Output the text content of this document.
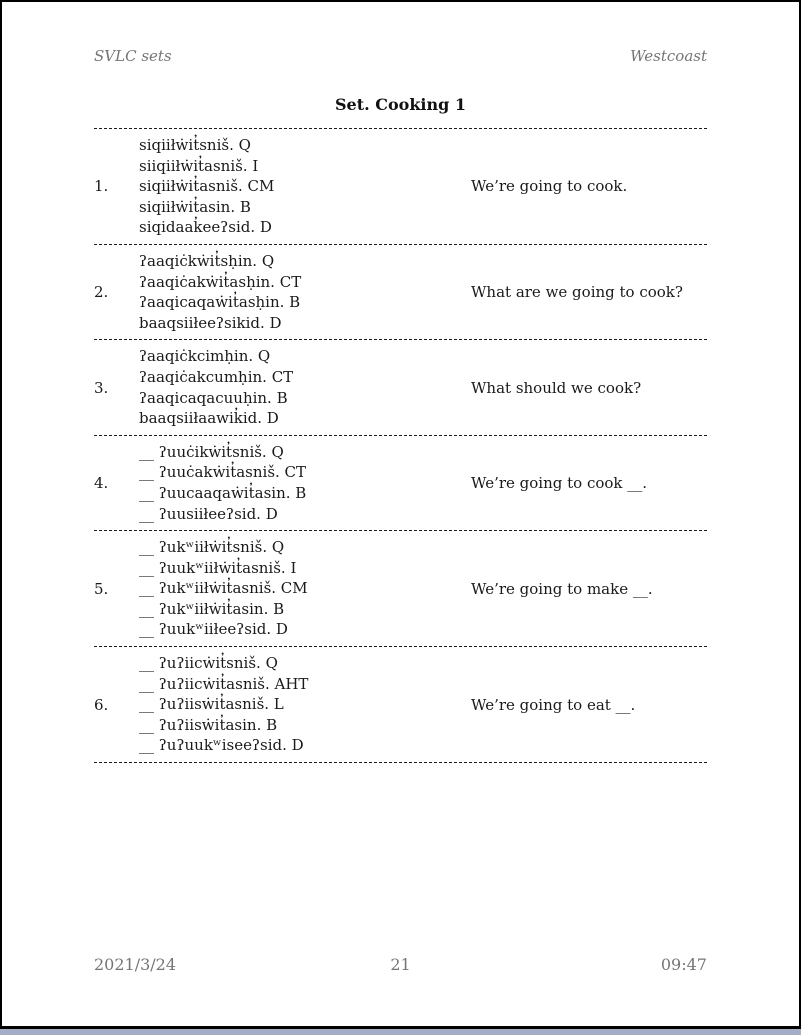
SVLC sets	Westcoast
Set. Cooking 1
1.
siqiiłẇit̓sniš. Q
siiqiiłẇit̓asniš. I
siqiiłẇit̓asniš. CM
siqiiłẇit̓asin. B
siqidaak̓eeʔsid. D
We’re going to cook.
2.
ʔaaqiċkẇit̓sḥin. Q
ʔaaqiċakẇit̓asḥin. CT
ʔaaqicaqaẇit̓asḥin. B
baaqsiiłeeʔsikid. D
What are we going to cook?
3.
ʔaaqiċkcimḥin. Q
ʔaaqiċakcumḥin. CT
ʔaaqicaqacuuḥin. B
baaqsiiłaawik̓id. D
What should we cook?
4.
__ ʔuuċikẇit̓sniš. Q
__ ʔuuċakẇit̓asniš. CT
__ ʔuucaaqaẇit̓asin. B
__ ʔuusiiłeeʔsid. D
We’re going to cook __.
5.
__ ʔukʷiiłẇit̓sniš. Q
__ ʔuukʷiiłẇit̓asniš. I
__ ʔukʷiiłẇit̓asniš. CM
__ ʔukʷiiłẇit̓asin. B
__ ʔuukʷiiłeeʔsid. D
We’re going to make __.
6.
__ ʔuʔiicẇit̓sniš. Q
__ ʔuʔiicẇit̓asniš. AHT
__ ʔuʔiisẇit̓asniš. L
__ ʔuʔiisẇit̓asin. B
__ ʔuʔuukʷiseeʔsid. D
We’re going to eat __.
2021/3/24	21	09:47
